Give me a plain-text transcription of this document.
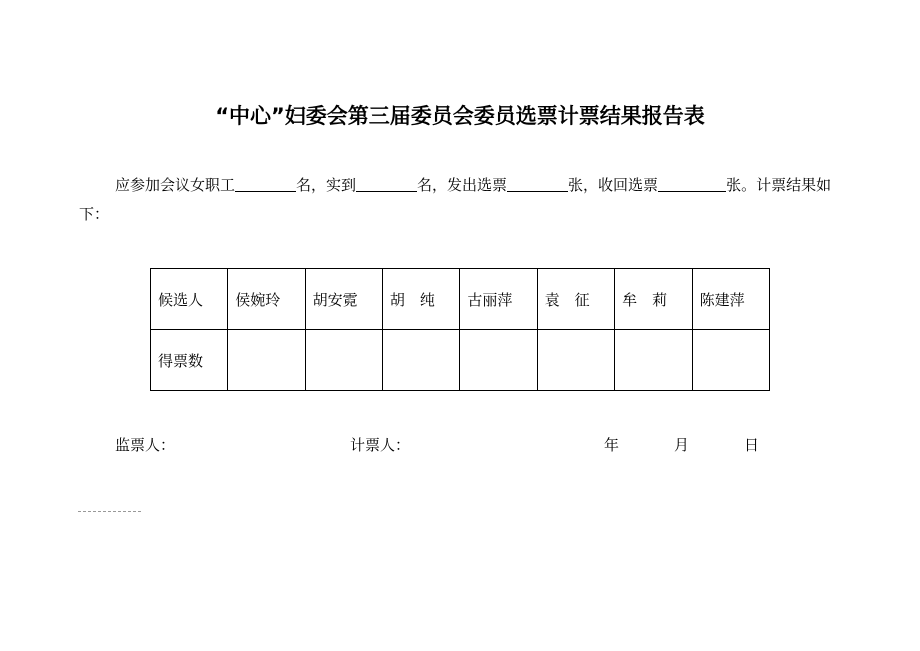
“中心”妇委会第三届委员会委员选票计票结果报告表
应参加会议女职工	名，实到	名，发出选票	张，收回选票	张。计票结果如下：
候选人	侯婉玲	胡安霓	胡　纯	古丽萍	袁　征	牟　莉	陈建萍
得票数							
监票人：	计票人：	年	月	日
